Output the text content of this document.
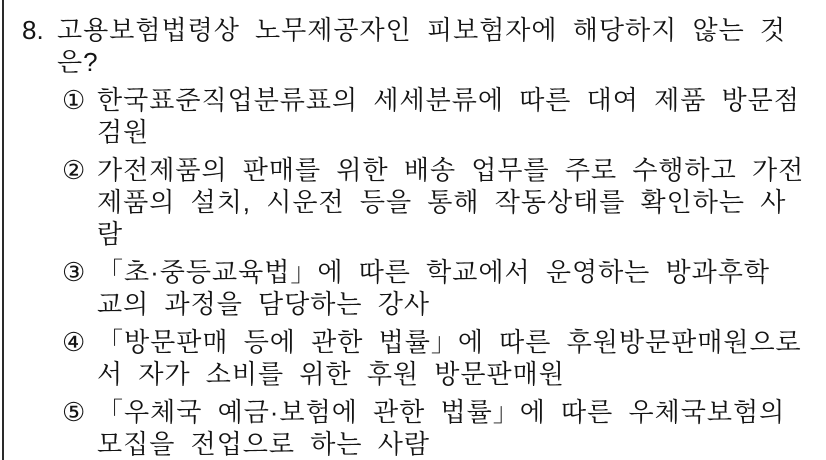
8. 고용보험법령상 노무제공자인 피보험자에 해당하지 않는 것
은?
① 한국표준직업분류표의 세세분류에 따른 대여 제품 방문점
검원
② 가전제품의 판매를 위한 배송 업무를 주로 수행하고 가전
제품의 설치, 시운전 등을 통해 작동상태를 확인하는 사
람
③ 「초·중등교육법」에 따른 학교에서 운영하는 방과후학
교의 과정을 담당하는 강사
④ 「방문판매 등에 관한 법률」에 따른 후원방문판매원으로
서 자가 소비를 위한 후원 방문판매원
⑤ 「우체국 예금·보험에 관한 법률」에 따른 우체국보험의
모집을 전업으로 하는 사람
